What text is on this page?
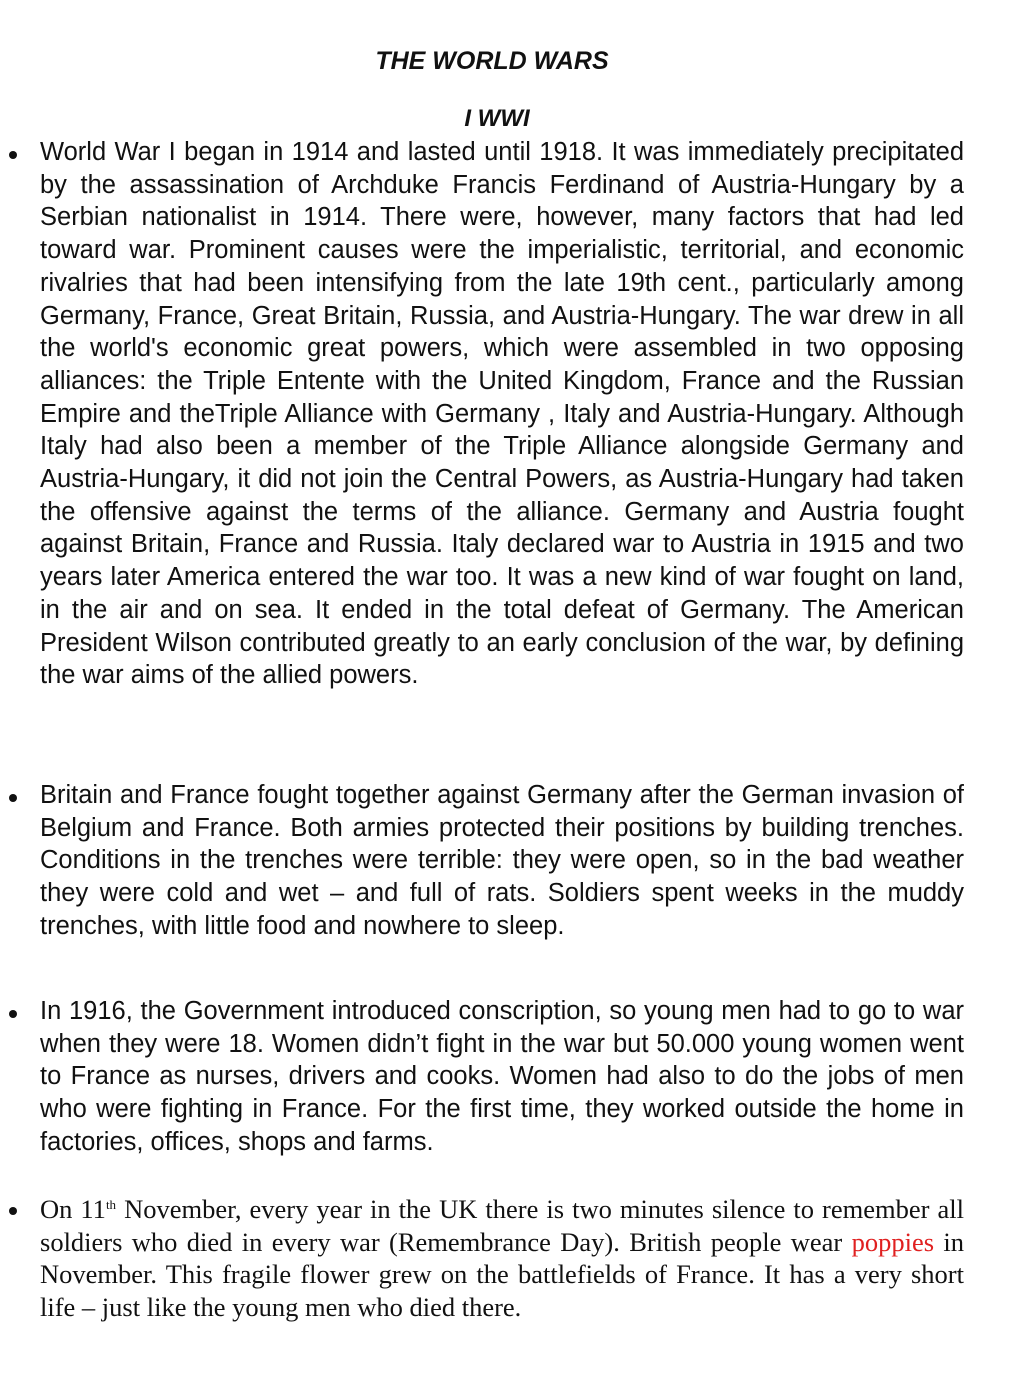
THE WORLD WARS
I WWI

World War I began in 1914 and lasted until 1918. It was immediately precipitated by the assassination of Archduke Francis Ferdinand of Austria-Hungary by a Serbian nationalist in 1914. There were, however, many factors that had led toward war. Prominent causes were the imperialistic, territorial, and economic rivalries that had been intensifying from the late 19th cent., particularly among Germany, France, Great Britain, Russia, and Austria-Hungary. The war drew in all the world's economic great powers, which were assembled in two opposing alliances: the Triple Entente with the United Kingdom, France and the Russian Empire and theTriple Alliance with Germany , Italy and Austria-Hungary. Although Italy had also been a member of the Triple Alliance alongside Germany and Austria-Hungary, it did not join the Central Powers, as Austria-Hungary had taken the offensive against the terms of the alliance. Germany and Austria fought against Britain, France and Russia. Italy declared war to Austria in 1915 and two years later America entered the war too. It was a new kind of war fought on land, in the air and on sea. It ended in the total defeat of Germany. The American President Wilson contributed greatly to an early conclusion of the war, by defining the war aims of the allied powers.

Britain and France fought together against Germany after the German invasion of Belgium and France. Both armies protected their positions by building trenches. Conditions in the trenches were terrible: they were open, so in the bad weather they were cold and wet – and full of rats. Soldiers spent weeks in the muddy trenches, with little food and nowhere to sleep.

In 1916, the Government introduced conscription, so young men had to go to war when they were 18. Women didn’t fight in the war but 50.000 young women went to France as nurses, drivers and cooks. Women had also to do the jobs of men who were fighting in France. For the first time, they worked outside the home in factories, offices, shops and farms.

On 11th November, every year in the UK there is two minutes silence to remember all soldiers who died in every war (Remembrance Day). British people wear poppies in November. This fragile flower grew on the battlefields of France. It has a very short life – just like the young men who died there.
